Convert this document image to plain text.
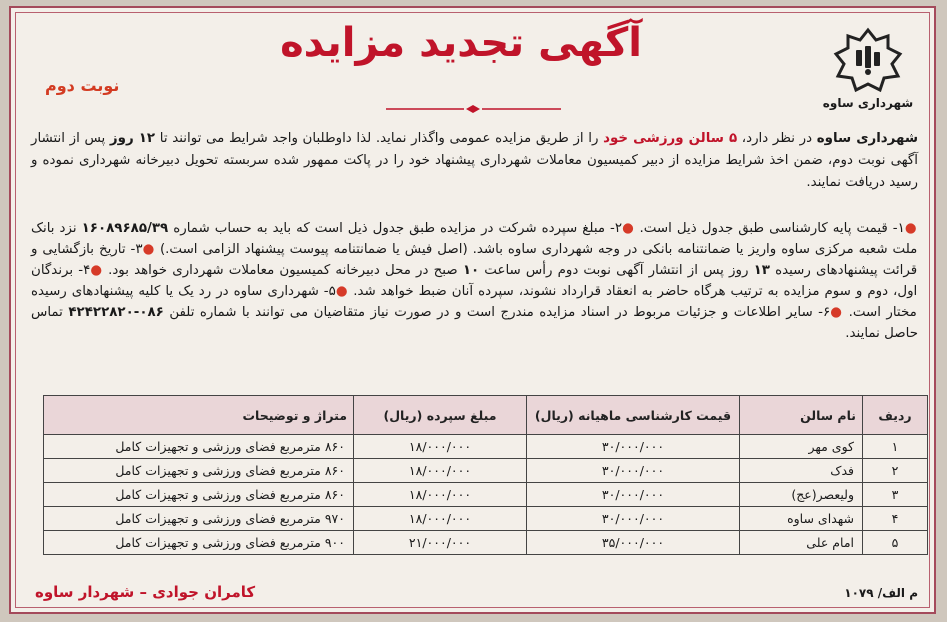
شهرداری ساوه
آگهی تجدید مزایده
نوبت دوم
شهرداری ساوه در نظر دارد، ۵ سالن ورزشی خود را از طریق مزایده عمومی واگذار نماید. لذا داوطلبان واجد شرایط می توانند تا ۱۲ روز پس از انتشار آگهی نوبت دوم، ضمن اخذ شرایط مزایده از دبیر کمیسیون معاملات شهرداری پیشنهاد خود را در پاکت ممهور شده سربسته تحویل دبیرخانه شهرداری نموده و رسید دریافت نمایند.
●۱- قیمت پایه کارشناسی طبق جدول ذیل است. ●۲- مبلغ سپرده شرکت در مزایده طبق جدول ذیل است که باید به حساب شماره ۱۶۰۸۹۶۸۵/۳۹ نزد بانک ملت شعبه مرکزی ساوه واریز یا ضمانتنامه بانکی در وجه شهرداری ساوه باشد. (اصل فیش یا ضمانتنامه پیوست پیشنهاد الزامی است.) ●۳- تاریخ بازگشایی و قرائت پیشنهادهای رسیده ۱۳ روز پس از انتشار آگهی نوبت دوم رأس ساعت ۱۰ صبح در محل دبیرخانه کمیسیون معاملات شهرداری خواهد بود. ●۴- برندگان اول، دوم و سوم مزایده به ترتیب هرگاه حاضر به انعقاد قرارداد نشوند، سپرده آنان ضبط خواهد شد. ●۵- شهرداری ساوه در رد یک یا کلیه پیشنهادهای رسیده مختار است. ●۶- سایر اطلاعات و جزئیات مربوط در اسناد مزایده مندرج است و در صورت نیاز متقاضیان می توانند با شماره تلفن ۰۸۶-۴۲۴۲۲۸۲۰ تماس حاصل نمایند.
ردیف	نام سالن	قیمت کارشناسی ماهیانه (ریال)	مبلغ سپرده (ریال)	متراژ و توضیحات
۱	کوی مهر	۳۰/۰۰۰/۰۰۰	۱۸/۰۰۰/۰۰۰	۸۶۰ مترمربع فضای ورزشی و تجهیزات کامل
۲	فدک	۳۰/۰۰۰/۰۰۰	۱۸/۰۰۰/۰۰۰	۸۶۰ مترمربع فضای ورزشی و تجهیزات کامل
۳	ولیعصر(عج)	۳۰/۰۰۰/۰۰۰	۱۸/۰۰۰/۰۰۰	۸۶۰ مترمربع فضای ورزشی و تجهیزات کامل
۴	شهدای ساوه	۳۰/۰۰۰/۰۰۰	۱۸/۰۰۰/۰۰۰	۹۷۰ مترمربع فضای ورزشی و تجهیزات کامل
۵	امام علی	۳۵/۰۰۰/۰۰۰	۲۱/۰۰۰/۰۰۰	۹۰۰ مترمربع فضای ورزشی و تجهیزات کامل
کامران جوادی – شهردار ساوه	م الف/ ۱۰۷۹
